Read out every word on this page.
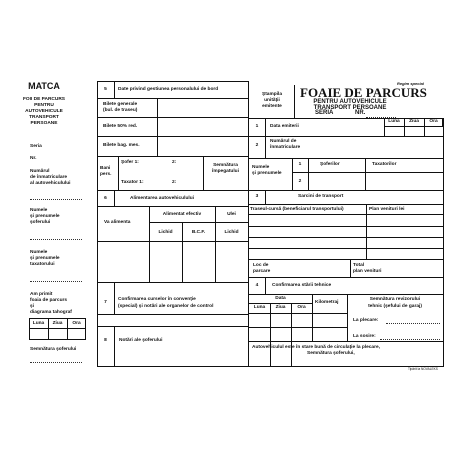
MATCA
FOII DE PARCURS
PENTRU
AUTOVEHICULE
TRANSPORT
PERSOANE
Seria
Nr.
Numărul
de înmatriculare
al autovehiculului
Numele
şi prenumele
şoferului
Numele
şi prenumele
taxatorului
Am primit
foaia de parcurs
şi
diagrama tahograf
Luna	Ziua	Ora
Semnătura şoferului
Regim special
FOAIE DE PARCURS
PENTRU AUTOVEHICULE
TRANSPORT PERSOANE
SERIA	NR.
Ştampila
unităţii
emitente
5	Date privind gestiunea personalului de bord
Bilete generale
(bul. de traseu)
Bilete 50% red.
Bilete bag. mes.
Bani
pers.
Şofer 1:	2:
Taxator 1:	2:
Semnătura
împegatului
Luna	Ziua	Ora
1	Data emiterii
2
Numărul de
înmatriculare
Numele
şi prenumele
1
2
Şoferilor	Taxatorilor
6	Alimentarea autovehiculului
Va alimenta
Alimentat efectiv	Ulei
Lichid	B.C.F.	Lichid
3	Sarcini de transport
Traseul-cursă (beneficiarul transportului)	Plan venituri lei
Loc de
parcare
Total
plan venituri
4	Confirmarea stării tehnice
Data
Luna	Ziua	Ora
Kilometraj
Semnătura revizorului
tehnic (şefului de garaj)
La plecare:
La sosire:
Autovehiculul este în stare bună de circulaţie la plecare,
Semnătura şoferului,
7
Confirmarea curselor în convenţie
(special) şi notări ale organelor de control
8	Notări ale şoferului
Tipărit la NOVALEKS
